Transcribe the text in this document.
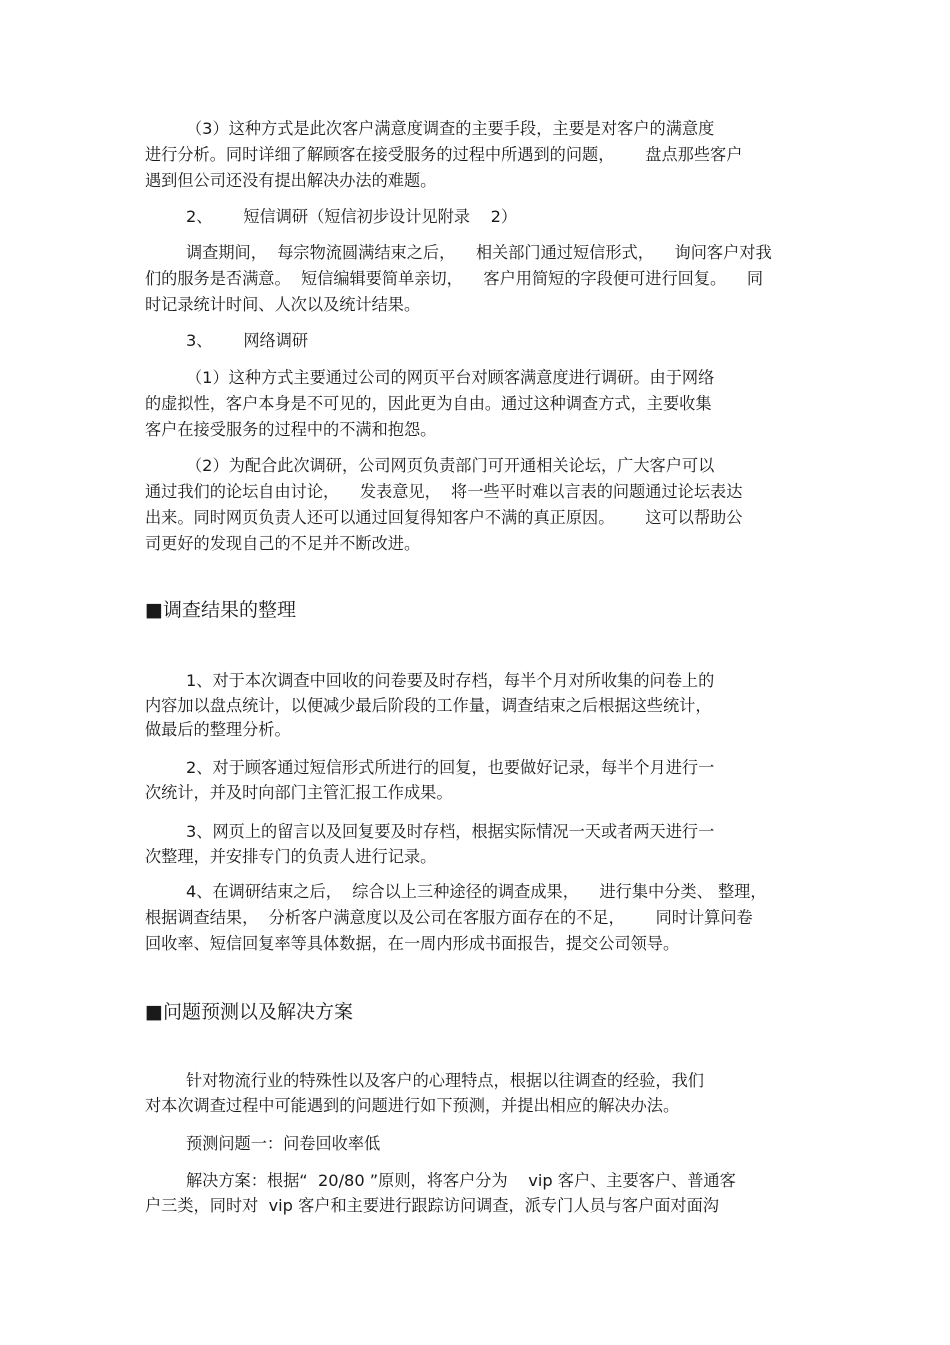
（3）这种方式是此次客户满意度调查的主要手段，主要是对客户的满意度

进行分析。同时详细了解顾客在接受服务的过程中所遇到的问题，      盘点那些客户

遇到但公司还没有提出解决办法的难题。

2、      短信调研（短信初步设计见附录    2）

调查期间，  每宗物流圆满结束之后，    相关部门通过短信形式，    询问客户对我

们的服务是否满意。  短信编辑要简单亲切，    客户用简短的字段便可进行回复。    同

时记录统计时间、人次以及统计结果。

3、      网络调研

（1）这种方式主要通过公司的网页平台对顾客满意度进行调研。由于网络

的虚拟性，客户本身是不可见的，因此更为自由。通过这种调查方式，主要收集

客户在接受服务的过程中的不满和抱怨。

（2）为配合此次调研，公司网页负责部门可开通相关论坛，广大客户可以

通过我们的论坛自由讨论，    发表意见，  将一些平时难以言表的问题通过论坛表达

出来。同时网页负责人还可以通过回复得知客户不满的真正原因。      这可以帮助公

司更好的发现自己的不足并不断改进。

■调查结果的整理

1、对于本次调查中回收的问卷要及时存档，每半个月对所收集的问卷上的

内容加以盘点统计，以便减少最后阶段的工作量，调查结束之后根据这些统计，

做最后的整理分析。

2、对于顾客通过短信形式所进行的回复，也要做好记录，每半个月进行一

次统计，并及时向部门主管汇报工作成果。

3、网页上的留言以及回复要及时存档，根据实际情况一天或者两天进行一

次整理，并安排专门的负责人进行记录。

4、在调研结束之后，  综合以上三种途径的调查成果，    进行集中分类、 整理，

根据调查结果，  分析客户满意度以及公司在客服方面存在的不足，      同时计算问卷

回收率、短信回复率等具体数据，在一周内形成书面报告，提交公司领导。

■问题预测以及解决方案

针对物流行业的特殊性以及客户的心理特点，根据以往调查的经验，我们

对本次调查过程中可能遇到的问题进行如下预测，并提出相应的解决办法。

预测问题一：问卷回收率低

解决方案：根据“  20/80 ”原则，将客户分为    vip 客户、主要客户、普通客

户三类，同时对  vip 客户和主要进行跟踪访问调查，派专门人员与客户面对面沟
